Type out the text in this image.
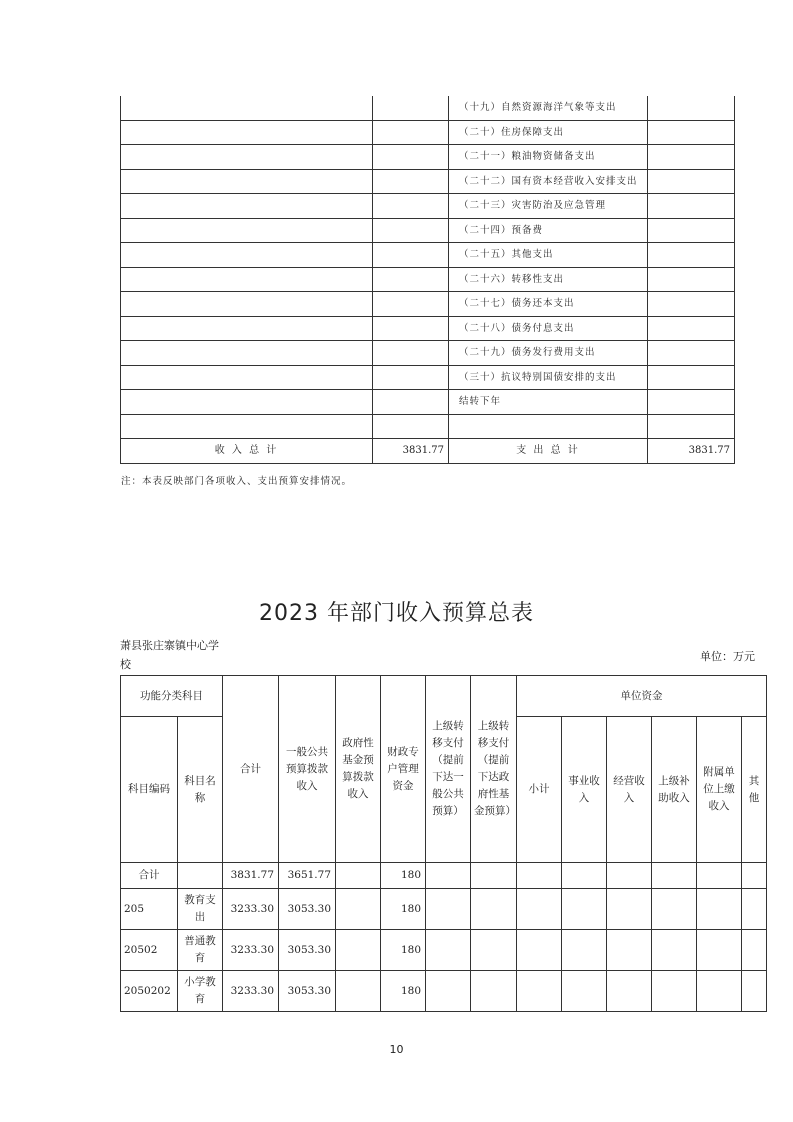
		（十九）自然资源海洋气象等支出	
		（二十）住房保障支出	
		（二十一）粮油物资储备支出	
		（二十二）国有资本经营收入安排支出	
		（二十三）灾害防治及应急管理	
		（二十四）预备费	
		（二十五）其他支出	
		（二十六）转移性支出	
		（二十七）债务还本支出	
		（二十八）债务付息支出	
		（二十九）债务发行费用支出	
		（三十）抗议特别国债安排的支出	
		结转下年	

收 入 总 计	3831.77	支 出 总 计	3831.77
注：本表反映部门各项收入、支出预算安排情况。
2023 年部门收入预算总表
萧县张庄寨镇中心学校
单位：万元
功能分类科目		合计	一般公共预算拨款收入	政府性基金预算拨款收入	财政专户管理资金	上级转移支付（提前下达一般公共预算）	上级转移支付（提前下达政府性基金预算）	单位资金					
科目编码	科目名称							小计	事业收入	经营收入	上级补助收入	附属单位上缴收入	其他
合计		3831.77	3651.77		180								
205	教育支出	3233.30	3053.30		180								
20502	普通教育	3233.30	3053.30		180								
2050202	小学教育	3233.30	3053.30		180								
10
